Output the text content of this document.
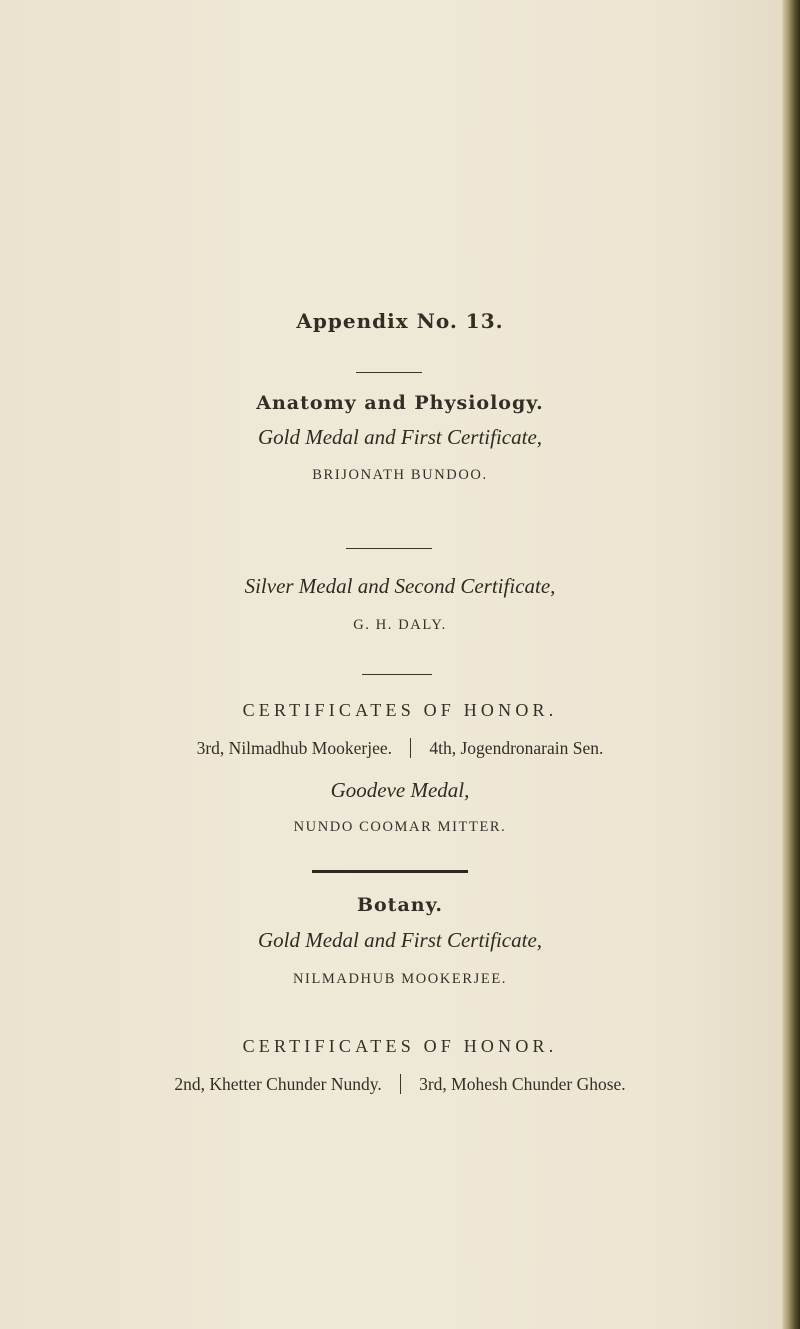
Appendix No. 13.
Anatomy and Physiology.
Gold Medal and First Certificate,
BRIJONATH BUNDOO.
Silver Medal and Second Certificate,
G. H. DALY.
CERTIFICATES OF HONOR.
3rd, Nilmadhub Mookerjee. 4th, Jogendronarain Sen.
Goodeve Medal,
NUNDO COOMAR MITTER.
Botany.
Gold Medal and First Certificate,
NILMADHUB MOOKERJEE.
CERTIFICATES OF HONOR.
2nd, Khetter Chunder Nundy. 3rd, Mohesh Chunder Ghose.
